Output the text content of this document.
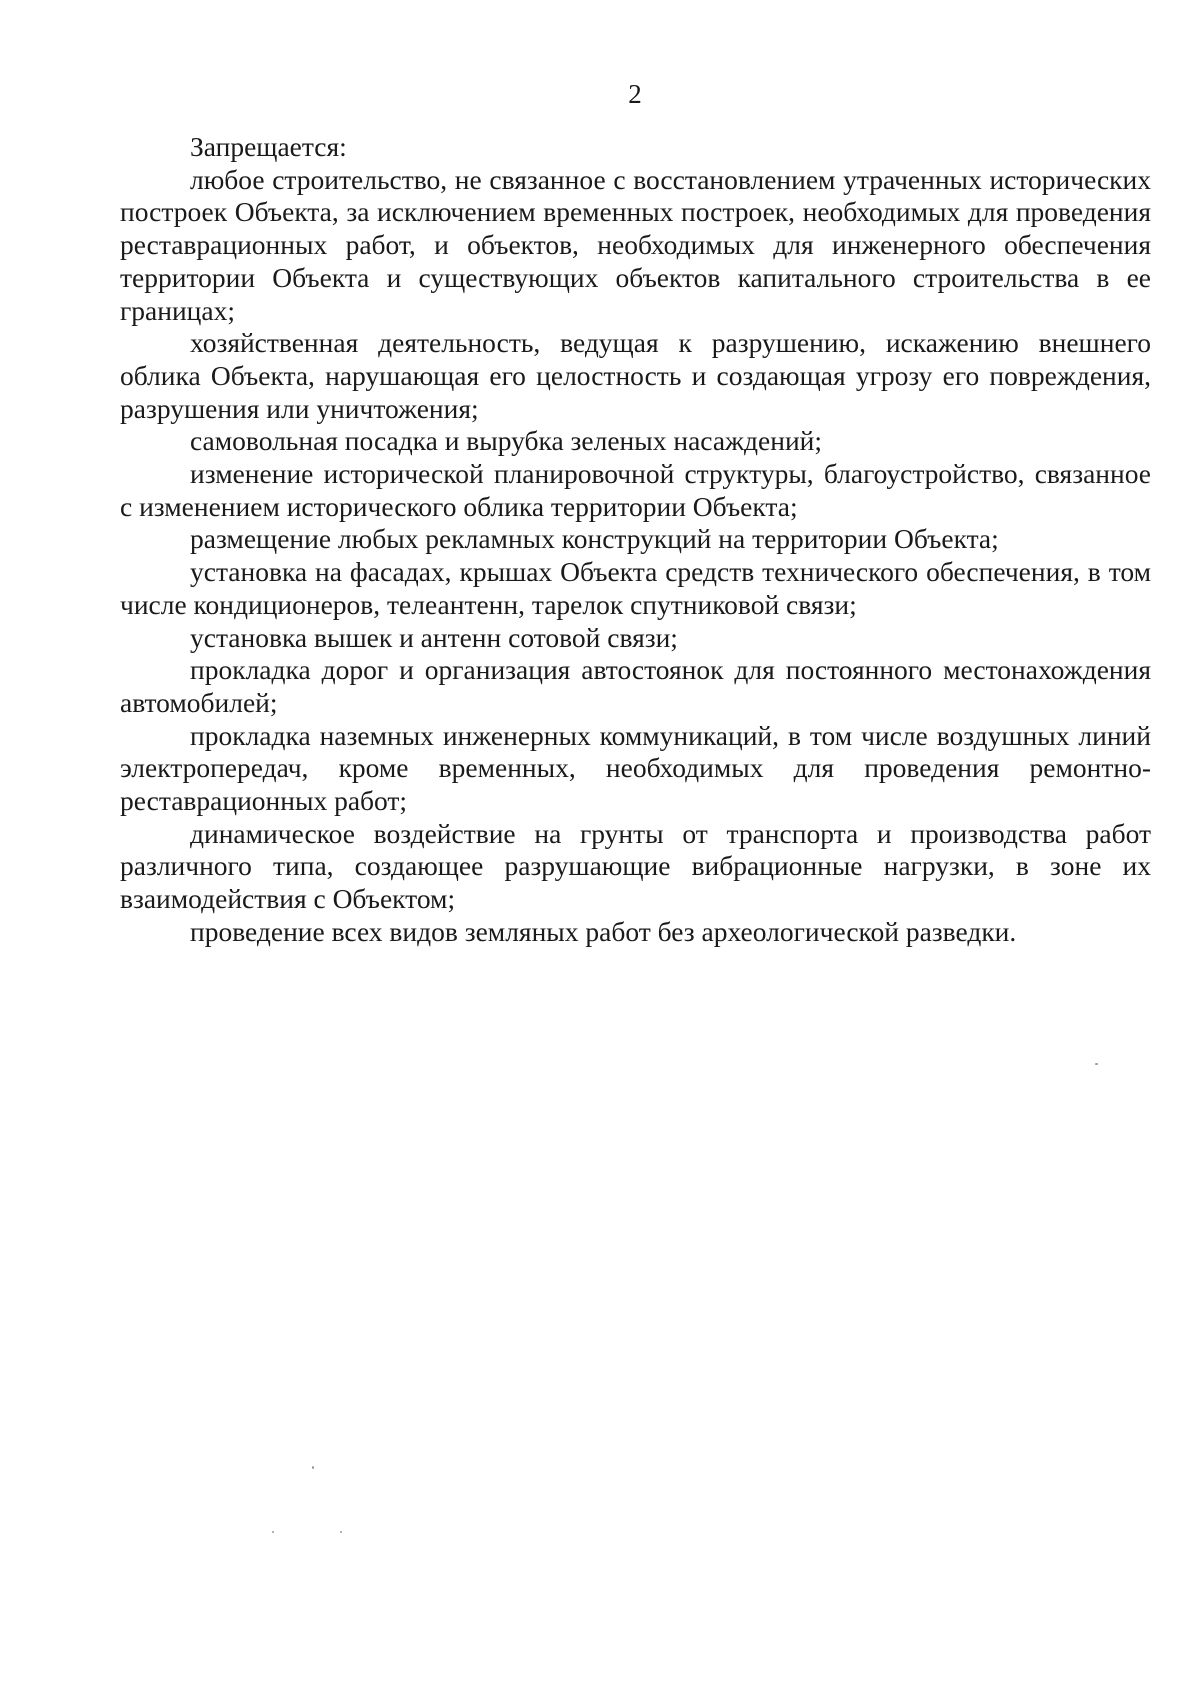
2

Запрещается:

любое строительство, не связанное с восстановлением утраченных исторических построек Объекта, за исключением временных построек, необходимых для проведения реставрационных работ, и объектов, необходимых для инженерного обеспечения территории Объекта и существующих объектов капитального строительства в ее границах;

хозяйственная деятельность, ведущая к разрушению, искажению внешнего облика Объекта, нарушающая его целостность и создающая угрозу его повреждения, разрушения или уничтожения;

самовольная посадка и вырубка зеленых насаждений;

изменение исторической планировочной структуры, благоустройство, связанное с изменением исторического облика территории Объекта;

размещение любых рекламных конструкций на территории Объекта;

установка на фасадах, крышах Объекта средств технического обеспечения, в том числе кондиционеров, телеантенн, тарелок спутниковой связи;

установка вышек и антенн сотовой связи;

прокладка дорог и организация автостоянок для постоянного местонахождения автомобилей;

прокладка наземных инженерных коммуникаций, в том числе воздушных линий электропередач, кроме временных, необходимых для проведения ремонтно-реставрационных работ;

динамическое воздействие на грунты от транспорта и производства работ различного типа, создающее разрушающие вибрационные нагрузки, в зоне их взаимодействия с Объектом;

проведение всех видов земляных работ без археологической разведки.
